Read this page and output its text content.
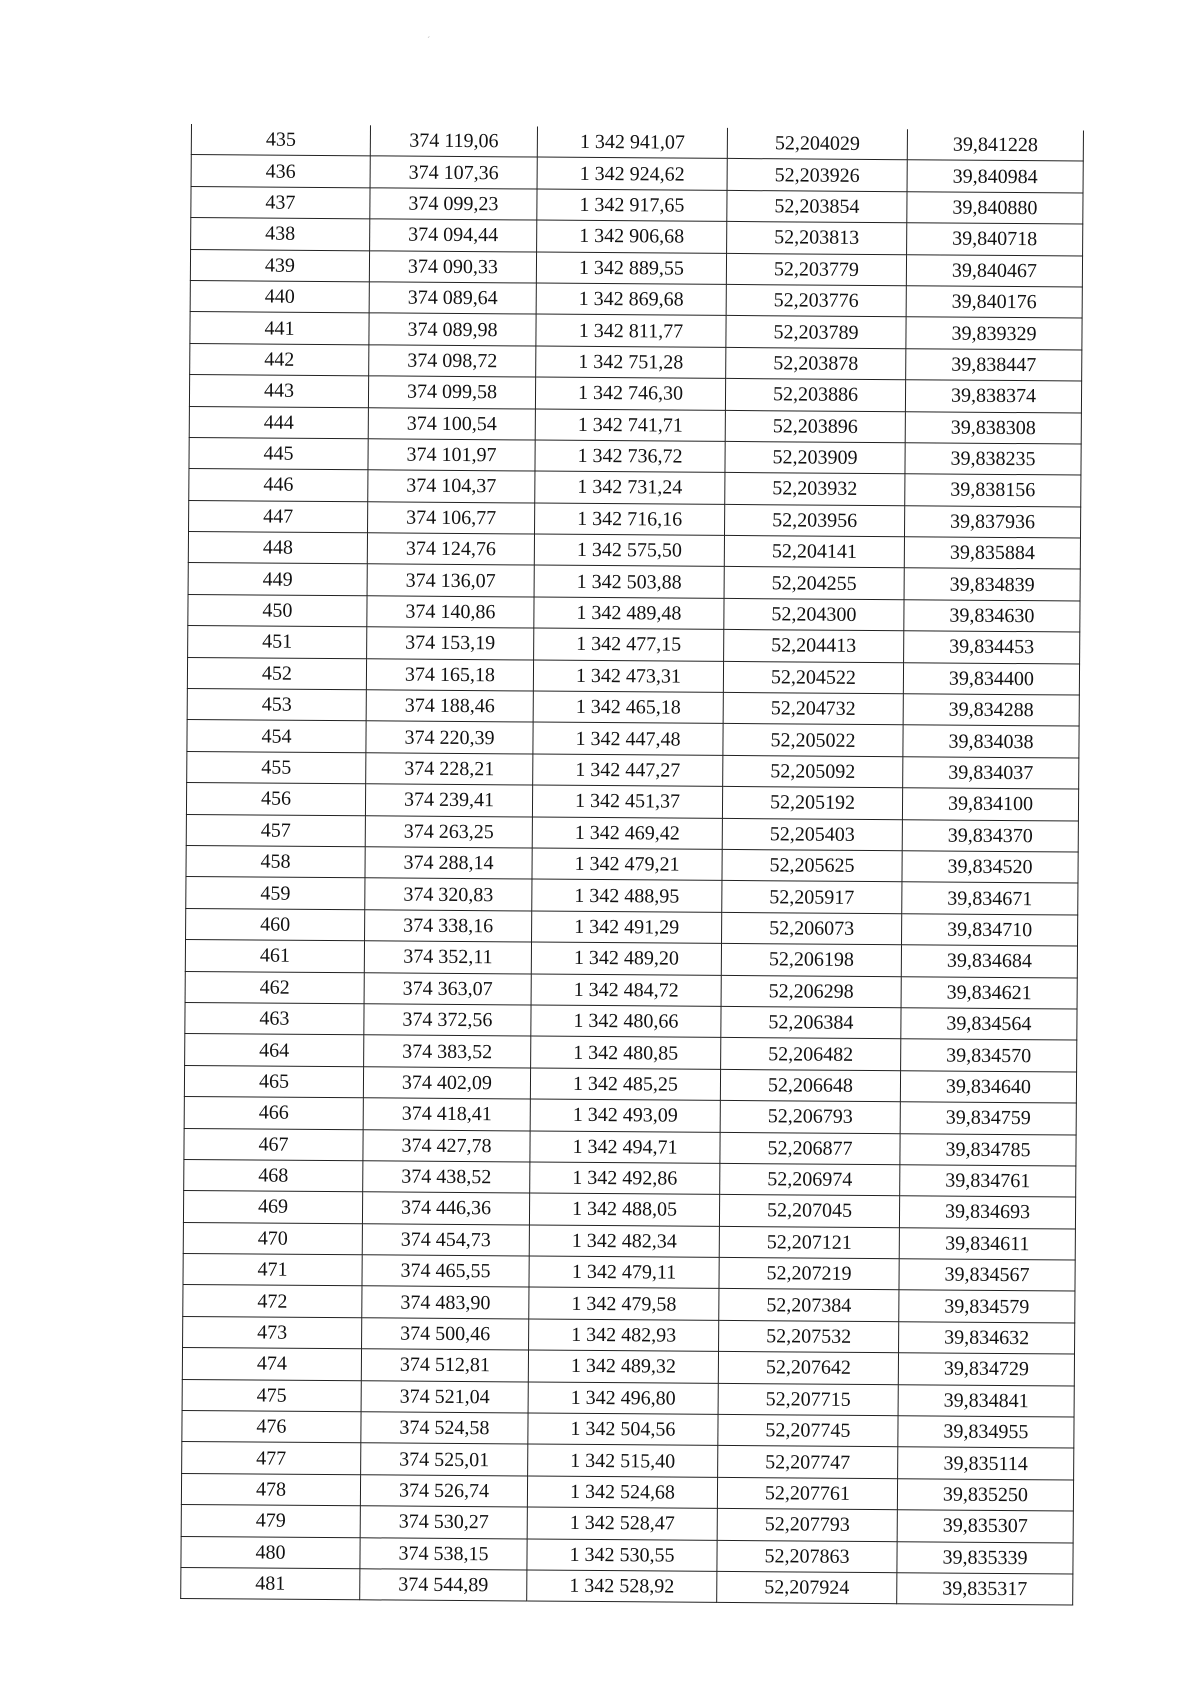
´
435	374 119,06	1 342 941,07	52,204029	39,841228
436	374 107,36	1 342 924,62	52,203926	39,840984
437	374 099,23	1 342 917,65	52,203854	39,840880
438	374 094,44	1 342 906,68	52,203813	39,840718
439	374 090,33	1 342 889,55	52,203779	39,840467
440	374 089,64	1 342 869,68	52,203776	39,840176
441	374 089,98	1 342 811,77	52,203789	39,839329
442	374 098,72	1 342 751,28	52,203878	39,838447
443	374 099,58	1 342 746,30	52,203886	39,838374
444	374 100,54	1 342 741,71	52,203896	39,838308
445	374 101,97	1 342 736,72	52,203909	39,838235
446	374 104,37	1 342 731,24	52,203932	39,838156
447	374 106,77	1 342 716,16	52,203956	39,837936
448	374 124,76	1 342 575,50	52,204141	39,835884
449	374 136,07	1 342 503,88	52,204255	39,834839
450	374 140,86	1 342 489,48	52,204300	39,834630
451	374 153,19	1 342 477,15	52,204413	39,834453
452	374 165,18	1 342 473,31	52,204522	39,834400
453	374 188,46	1 342 465,18	52,204732	39,834288
454	374 220,39	1 342 447,48	52,205022	39,834038
455	374 228,21	1 342 447,27	52,205092	39,834037
456	374 239,41	1 342 451,37	52,205192	39,834100
457	374 263,25	1 342 469,42	52,205403	39,834370
458	374 288,14	1 342 479,21	52,205625	39,834520
459	374 320,83	1 342 488,95	52,205917	39,834671
460	374 338,16	1 342 491,29	52,206073	39,834710
461	374 352,11	1 342 489,20	52,206198	39,834684
462	374 363,07	1 342 484,72	52,206298	39,834621
463	374 372,56	1 342 480,66	52,206384	39,834564
464	374 383,52	1 342 480,85	52,206482	39,834570
465	374 402,09	1 342 485,25	52,206648	39,834640
466	374 418,41	1 342 493,09	52,206793	39,834759
467	374 427,78	1 342 494,71	52,206877	39,834785
468	374 438,52	1 342 492,86	52,206974	39,834761
469	374 446,36	1 342 488,05	52,207045	39,834693
470	374 454,73	1 342 482,34	52,207121	39,834611
471	374 465,55	1 342 479,11	52,207219	39,834567
472	374 483,90	1 342 479,58	52,207384	39,834579
473	374 500,46	1 342 482,93	52,207532	39,834632
474	374 512,81	1 342 489,32	52,207642	39,834729
475	374 521,04	1 342 496,80	52,207715	39,834841
476	374 524,58	1 342 504,56	52,207745	39,834955
477	374 525,01	1 342 515,40	52,207747	39,835114
478	374 526,74	1 342 524,68	52,207761	39,835250
479	374 530,27	1 342 528,47	52,207793	39,835307
480	374 538,15	1 342 530,55	52,207863	39,835339
481	374 544,89	1 342 528,92	52,207924	39,835317
